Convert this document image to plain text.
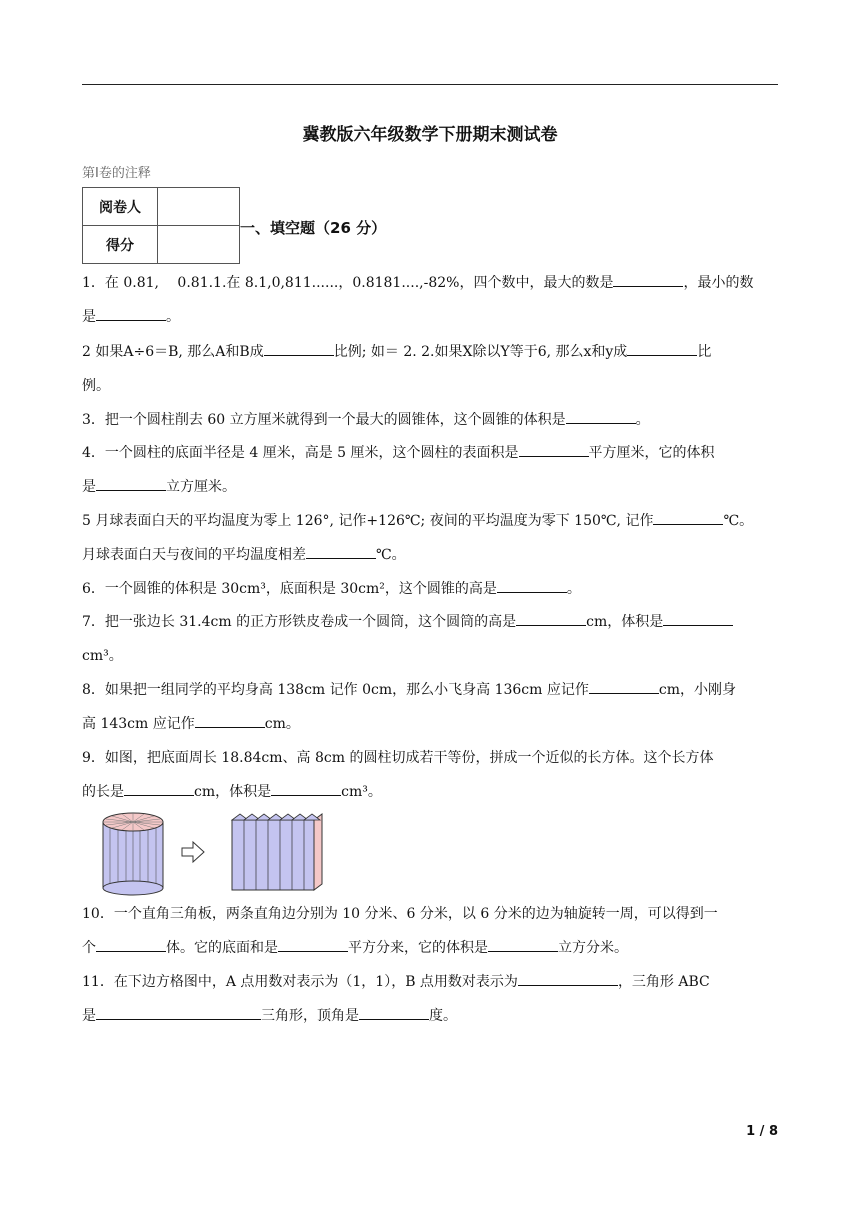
冀教版六年级数学下册期末测试卷
第Ⅰ卷的注释
阅卷人	
得分	
一、填空题（26 分）
1．在 0.81,　 0.81.1.在 8.1,0,811......，0.8181....,-82%，四个数中，最大的数是	，最小的数
是	。
2 如果A÷6＝B, 那么A和B成	比例; 如＝ 2. 2.如果X除以Y等于6, 那么x和y成	比
例。
3．把一个圆柱削去 60 立方厘米就得到一个最大的圆锥体，这个圆锥的体积是	。
4．一个圆柱的底面半径是 4 厘米，高是 5 厘米，这个圆柱的表面积是	平方厘米，它的体积
是	立方厘米。
5 月球表面白天的平均温度为零上 126°, 记作+126℃; 夜间的平均温度为零下 150℃, 记作	℃。
月球表面白天与夜间的平均温度相差	℃。
6．一个圆锥的体积是 30cm³，底面积是 30cm²，这个圆锥的高是	。
7．把一张边长 31.4cm 的正方形铁皮卷成一个圆筒，这个圆筒的高是	cm，体积是
cm³。
8．如果把一组同学的平均身高 138cm 记作 0cm，那么小飞身高 136cm 应记作	cm，小刚身
高 143cm 应记作	cm。
9．如图，把底面周长 18.84cm、高 8cm 的圆柱切成若干等份，拼成一个近似的长方体。这个长方体
的长是	cm，体积是	cm³。
10．一个直角三角板，两条直角边分别为 10 分米、6 分米，以 6 分米的边为轴旋转一周，可以得到一
个	体。它的底面和是	平方分来，它的体积是	立方分米。
11．在下边方格图中，A 点用数对表示为（1，1），B 点用数对表示为	，三角形 ABC
是	三角形，顶角是	度。
1 / 8
